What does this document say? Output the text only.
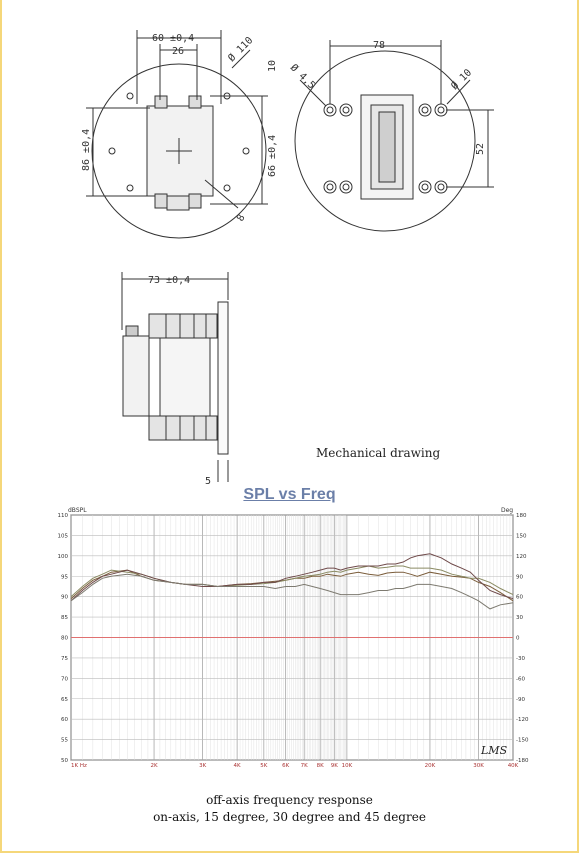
60 ±0,4
26	Ø 110
86 ±0,4	66 ±0,4
10
8
Ø 4,5
78
Ø 10
52
73 ±0,4
5
Mechanical drawing
SPL vs Freq
110
105
100
95
90
85
80
75
70
65
60
55
50
180
150
120
90
60
30
0
-30
-60
-90
-120
-150
-180
1K Hz	2K	3K	4K	5K	6K 7K 8K 9K 10K	20K	30K	40K
dBSPL	Deg
LMS
off-axis frequency response
on-axis, 15 degree, 30 degree and 45 degree
